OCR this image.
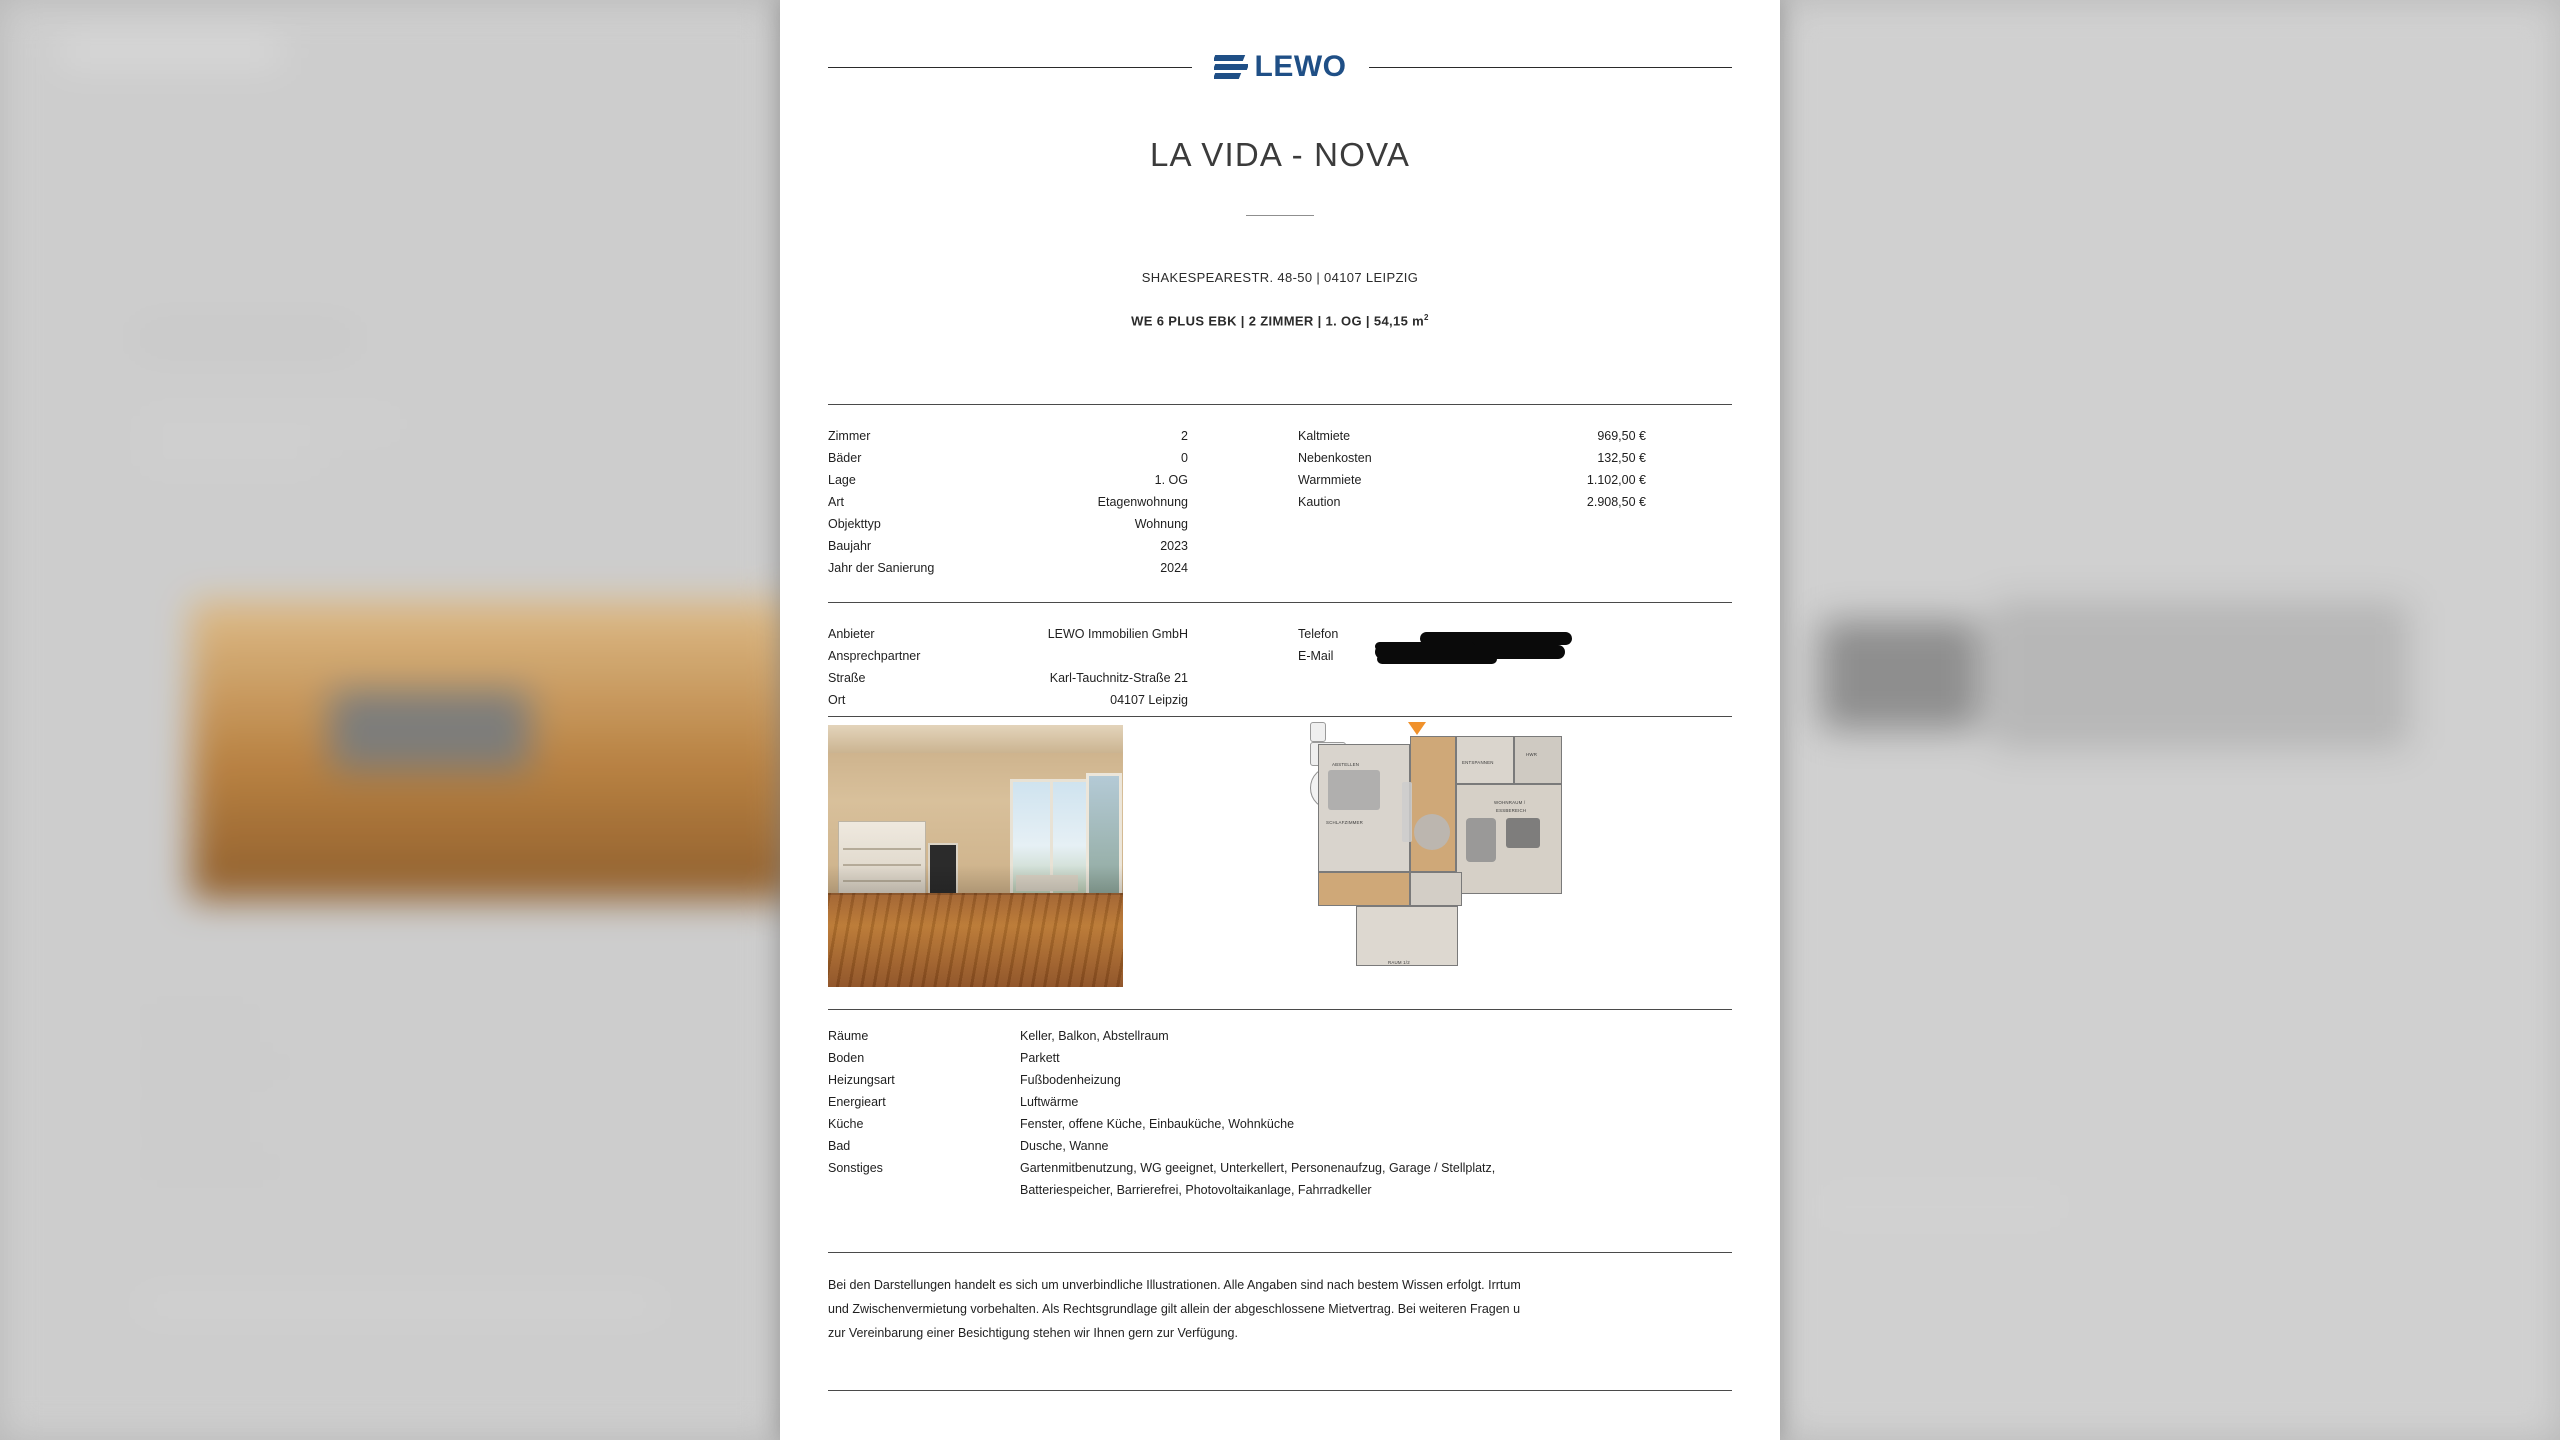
LEWO
LA VIDA - NOVA
SHAKESPEARESTR. 48-50 | 04107 LEIPZIG
WE 6 PLUS EBK | 2 ZIMMER | 1. OG | 54,15 $m^2$
Zimmer	2
Bäder	0
Lage	1. OG
Art	Etagenwohnung
Objekttyp	Wohnung
Baujahr	2023
Jahr der Sanierung	2024
Kaltmiete	969,50 €
Nebenkosten	132,50 €
Warmmiete	1.102,00 €
Kaution	2.908,50 €
Anbieter	LEWO Immobilien GmbH
Ansprechpartner
Straße	Karl-Tauchnitz-Straße 21
Ort	04107 Leipzig
Telefon
E-Mail
ABSTELLEN
SCHLAFZIMMER
ENTSPANNEN
HWR
WOHNRAUM /
ESSBEREICH
RAUM 1/2
Räume	Keller, Balkon, Abstellraum
Boden	Parkett
Heizungsart	Fußbodenheizung
Energieart	Luftwärme
Küche	Fenster, offene Küche, Einbauküche, Wohnküche
Bad	Dusche, Wanne
Sonstiges	Gartenmitbenutzung, WG geeignet, Unterkellert, Personenaufzug, Garage / Stellplatz,
Batteriespeicher, Barrierefrei, Photovoltaikanlage, Fahrradkeller
Bei den Darstellungen handelt es sich um unverbindliche Illustrationen. Alle Angaben sind nach bestem Wissen erfolgt. Irrtum
und Zwischenvermietung vorbehalten. Als Rechtsgrundlage gilt allein der abgeschlossene Mietvertrag. Bei weiteren Fragen u
zur Vereinbarung einer Besichtigung stehen wir Ihnen gern zur Verfügung.
